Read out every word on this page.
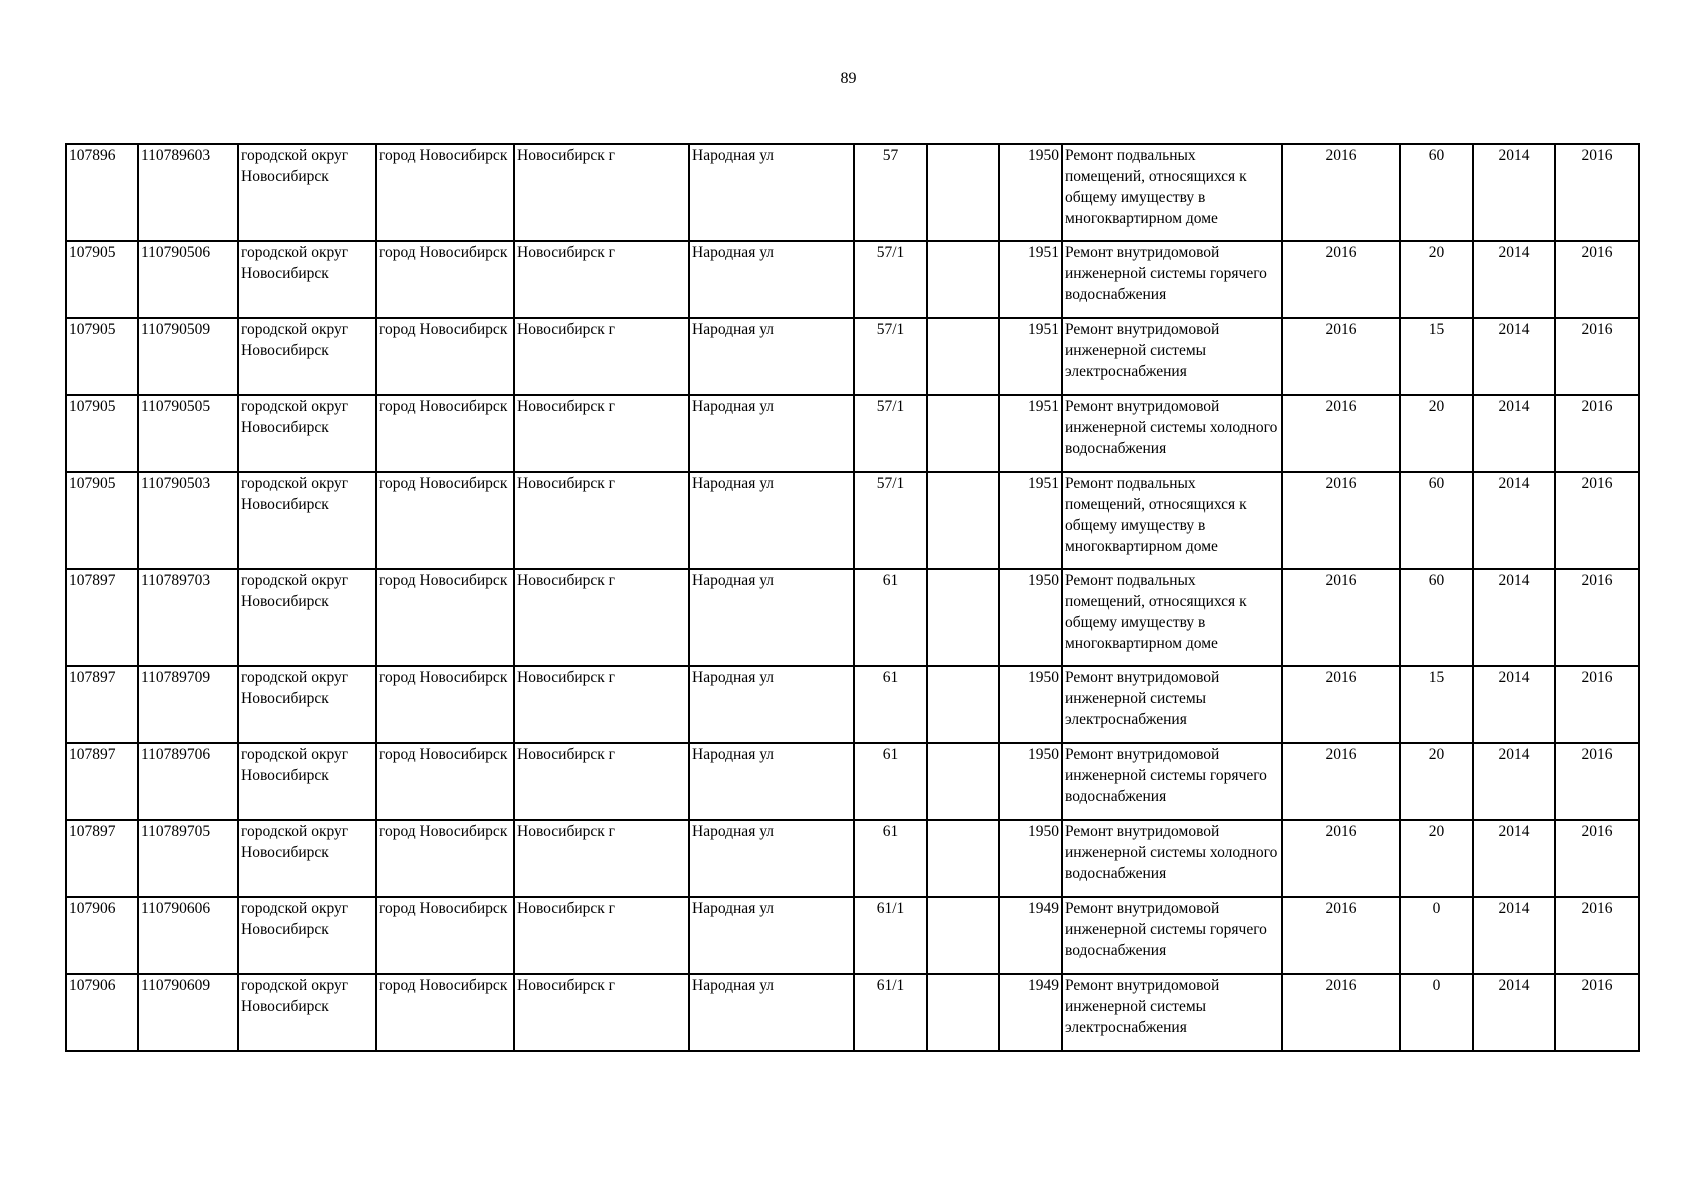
89
107896	110789603	городской округ Новосибирск	город Новосибирск	Новосибирск г	Народная ул	57		1950	Ремонт подвальных помещений, относящихся к общему имуществу в многоквартирном доме	2016	60	2014	2016
107905	110790506	городской округ Новосибирск	город Новосибирск	Новосибирск г	Народная ул	57/1		1951	Ремонт внутридомовой инженерной системы горячего водоснабжения	2016	20	2014	2016
107905	110790509	городской округ Новосибирск	город Новосибирск	Новосибирск г	Народная ул	57/1		1951	Ремонт внутридомовой инженерной системы электроснабжения	2016	15	2014	2016
107905	110790505	городской округ Новосибирск	город Новосибирск	Новосибирск г	Народная ул	57/1		1951	Ремонт внутридомовой инженерной системы холодного водоснабжения	2016	20	2014	2016
107905	110790503	городской округ Новосибирск	город Новосибирск	Новосибирск г	Народная ул	57/1		1951	Ремонт подвальных помещений, относящихся к общему имуществу в многоквартирном доме	2016	60	2014	2016
107897	110789703	городской округ Новосибирск	город Новосибирск	Новосибирск г	Народная ул	61		1950	Ремонт подвальных помещений, относящихся к общему имуществу в многоквартирном доме	2016	60	2014	2016
107897	110789709	городской округ Новосибирск	город Новосибирск	Новосибирск г	Народная ул	61		1950	Ремонт внутридомовой инженерной системы электроснабжения	2016	15	2014	2016
107897	110789706	городской округ Новосибирск	город Новосибирск	Новосибирск г	Народная ул	61		1950	Ремонт внутридомовой инженерной системы горячего водоснабжения	2016	20	2014	2016
107897	110789705	городской округ Новосибирск	город Новосибирск	Новосибирск г	Народная ул	61		1950	Ремонт внутридомовой инженерной системы холодного водоснабжения	2016	20	2014	2016
107906	110790606	городской округ Новосибирск	город Новосибирск	Новосибирск г	Народная ул	61/1		1949	Ремонт внутридомовой инженерной системы горячего водоснабжения	2016	0	2014	2016
107906	110790609	городской округ Новосибирск	город Новосибирск	Новосибирск г	Народная ул	61/1		1949	Ремонт внутридомовой инженерной системы электроснабжения	2016	0	2014	2016
